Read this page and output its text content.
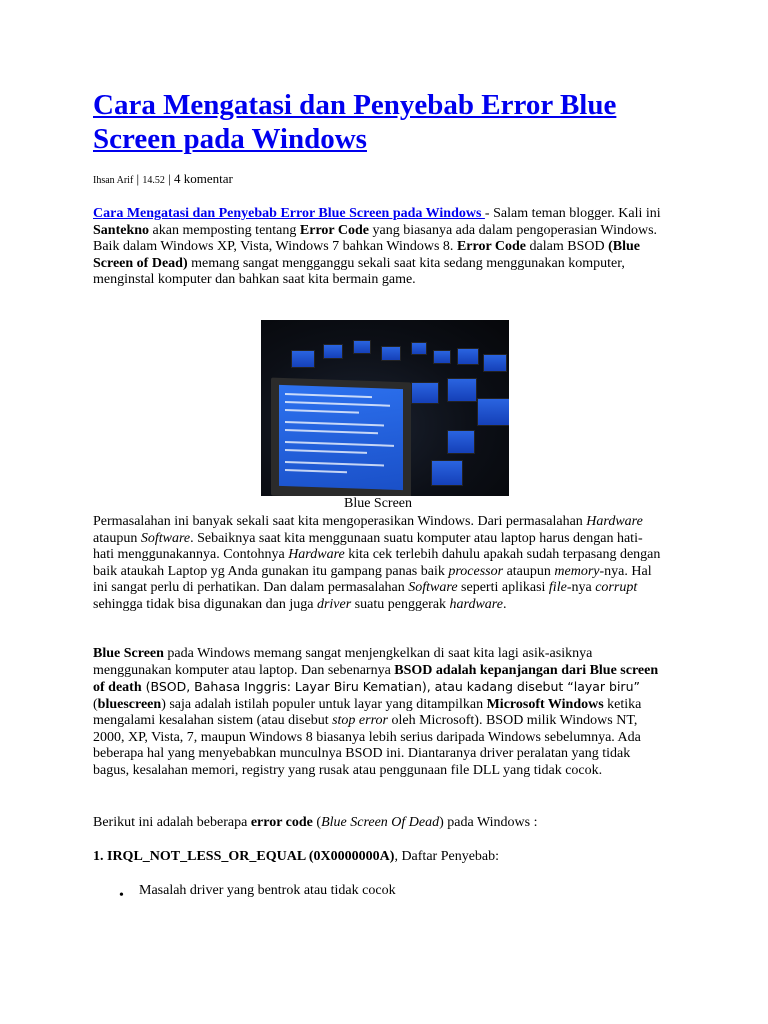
Cara Mengatasi dan Penyebab Error Blue Screen pada Windows
Ihsan Arif | 14.52 | 4 komentar

Cara Mengatasi dan Penyebab Error Blue Screen pada Windows - Salam teman blogger. Kali ini Santekno akan memposting tentang Error Code yang biasanya ada dalam pengoperasian Windows. Baik dalam Windows XP, Vista, Windows 7 bahkan Windows 8. Error Code dalam BSOD (Blue Screen of Dead) memang sangat mengganggu sekali saat kita sedang menggunakan komputer, menginstal komputer dan bahkan saat kita bermain game.

Blue Screen

Permasalahan ini banyak sekali saat kita mengoperasikan Windows. Dari permasalahan Hardware ataupun Software. Sebaiknya saat kita menggunaan suatu komputer atau laptop harus dengan hati-hati menggunakannya. Contohnya Hardware kita cek terlebih dahulu apakah sudah terpasang dengan baik ataukah Laptop yg Anda gunakan itu gampang panas baik processor ataupun memory-nya. Hal ini sangat perlu di perhatikan. Dan dalam permasalahan Software seperti aplikasi file-nya corrupt sehingga tidak bisa digunakan dan juga driver suatu penggerak hardware.

Blue Screen pada Windows memang sangat menjengkelkan di saat kita lagi asik-asiknya menggunakan komputer atau laptop. Dan sebenarnya BSOD adalah kepanjangan dari Blue screen of death (BSOD, Bahasa Inggris: Layar Biru Kematian), atau kadang disebut “layar biru” (bluescreen) saja adalah istilah populer untuk layar yang ditampilkan Microsoft Windows ketika mengalami kesalahan sistem (atau disebut stop error oleh Microsoft). BSOD milik Windows NT, 2000, XP, Vista, 7, maupun Windows 8 biasanya lebih serius daripada Windows sebelumnya. Ada beberapa hal yang menyebabkan munculnya BSOD ini. Diantaranya driver peralatan yang tidak bagus, kesalahan memori, registry yang rusak atau penggunaan file DLL yang tidak cocok.

Berikut ini adalah beberapa error code (Blue Screen Of Dead) pada Windows :

1. IRQL_NOT_LESS_OR_EQUAL (0X0000000A), Daftar Penyebab:

• Masalah driver yang bentrok atau tidak cocok
